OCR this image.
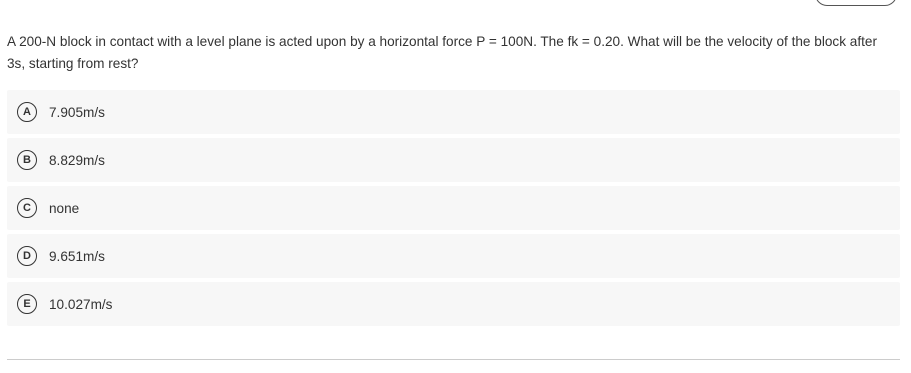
A 200-N block in contact with a level plane is acted upon by a horizontal force P = 100N. The fk = 0.20. What will be the velocity of the block after 3s, starting from rest?
A	7.905m/s
B	8.829m/s
C	none
D	9.651m/s
E	10.027m/s
